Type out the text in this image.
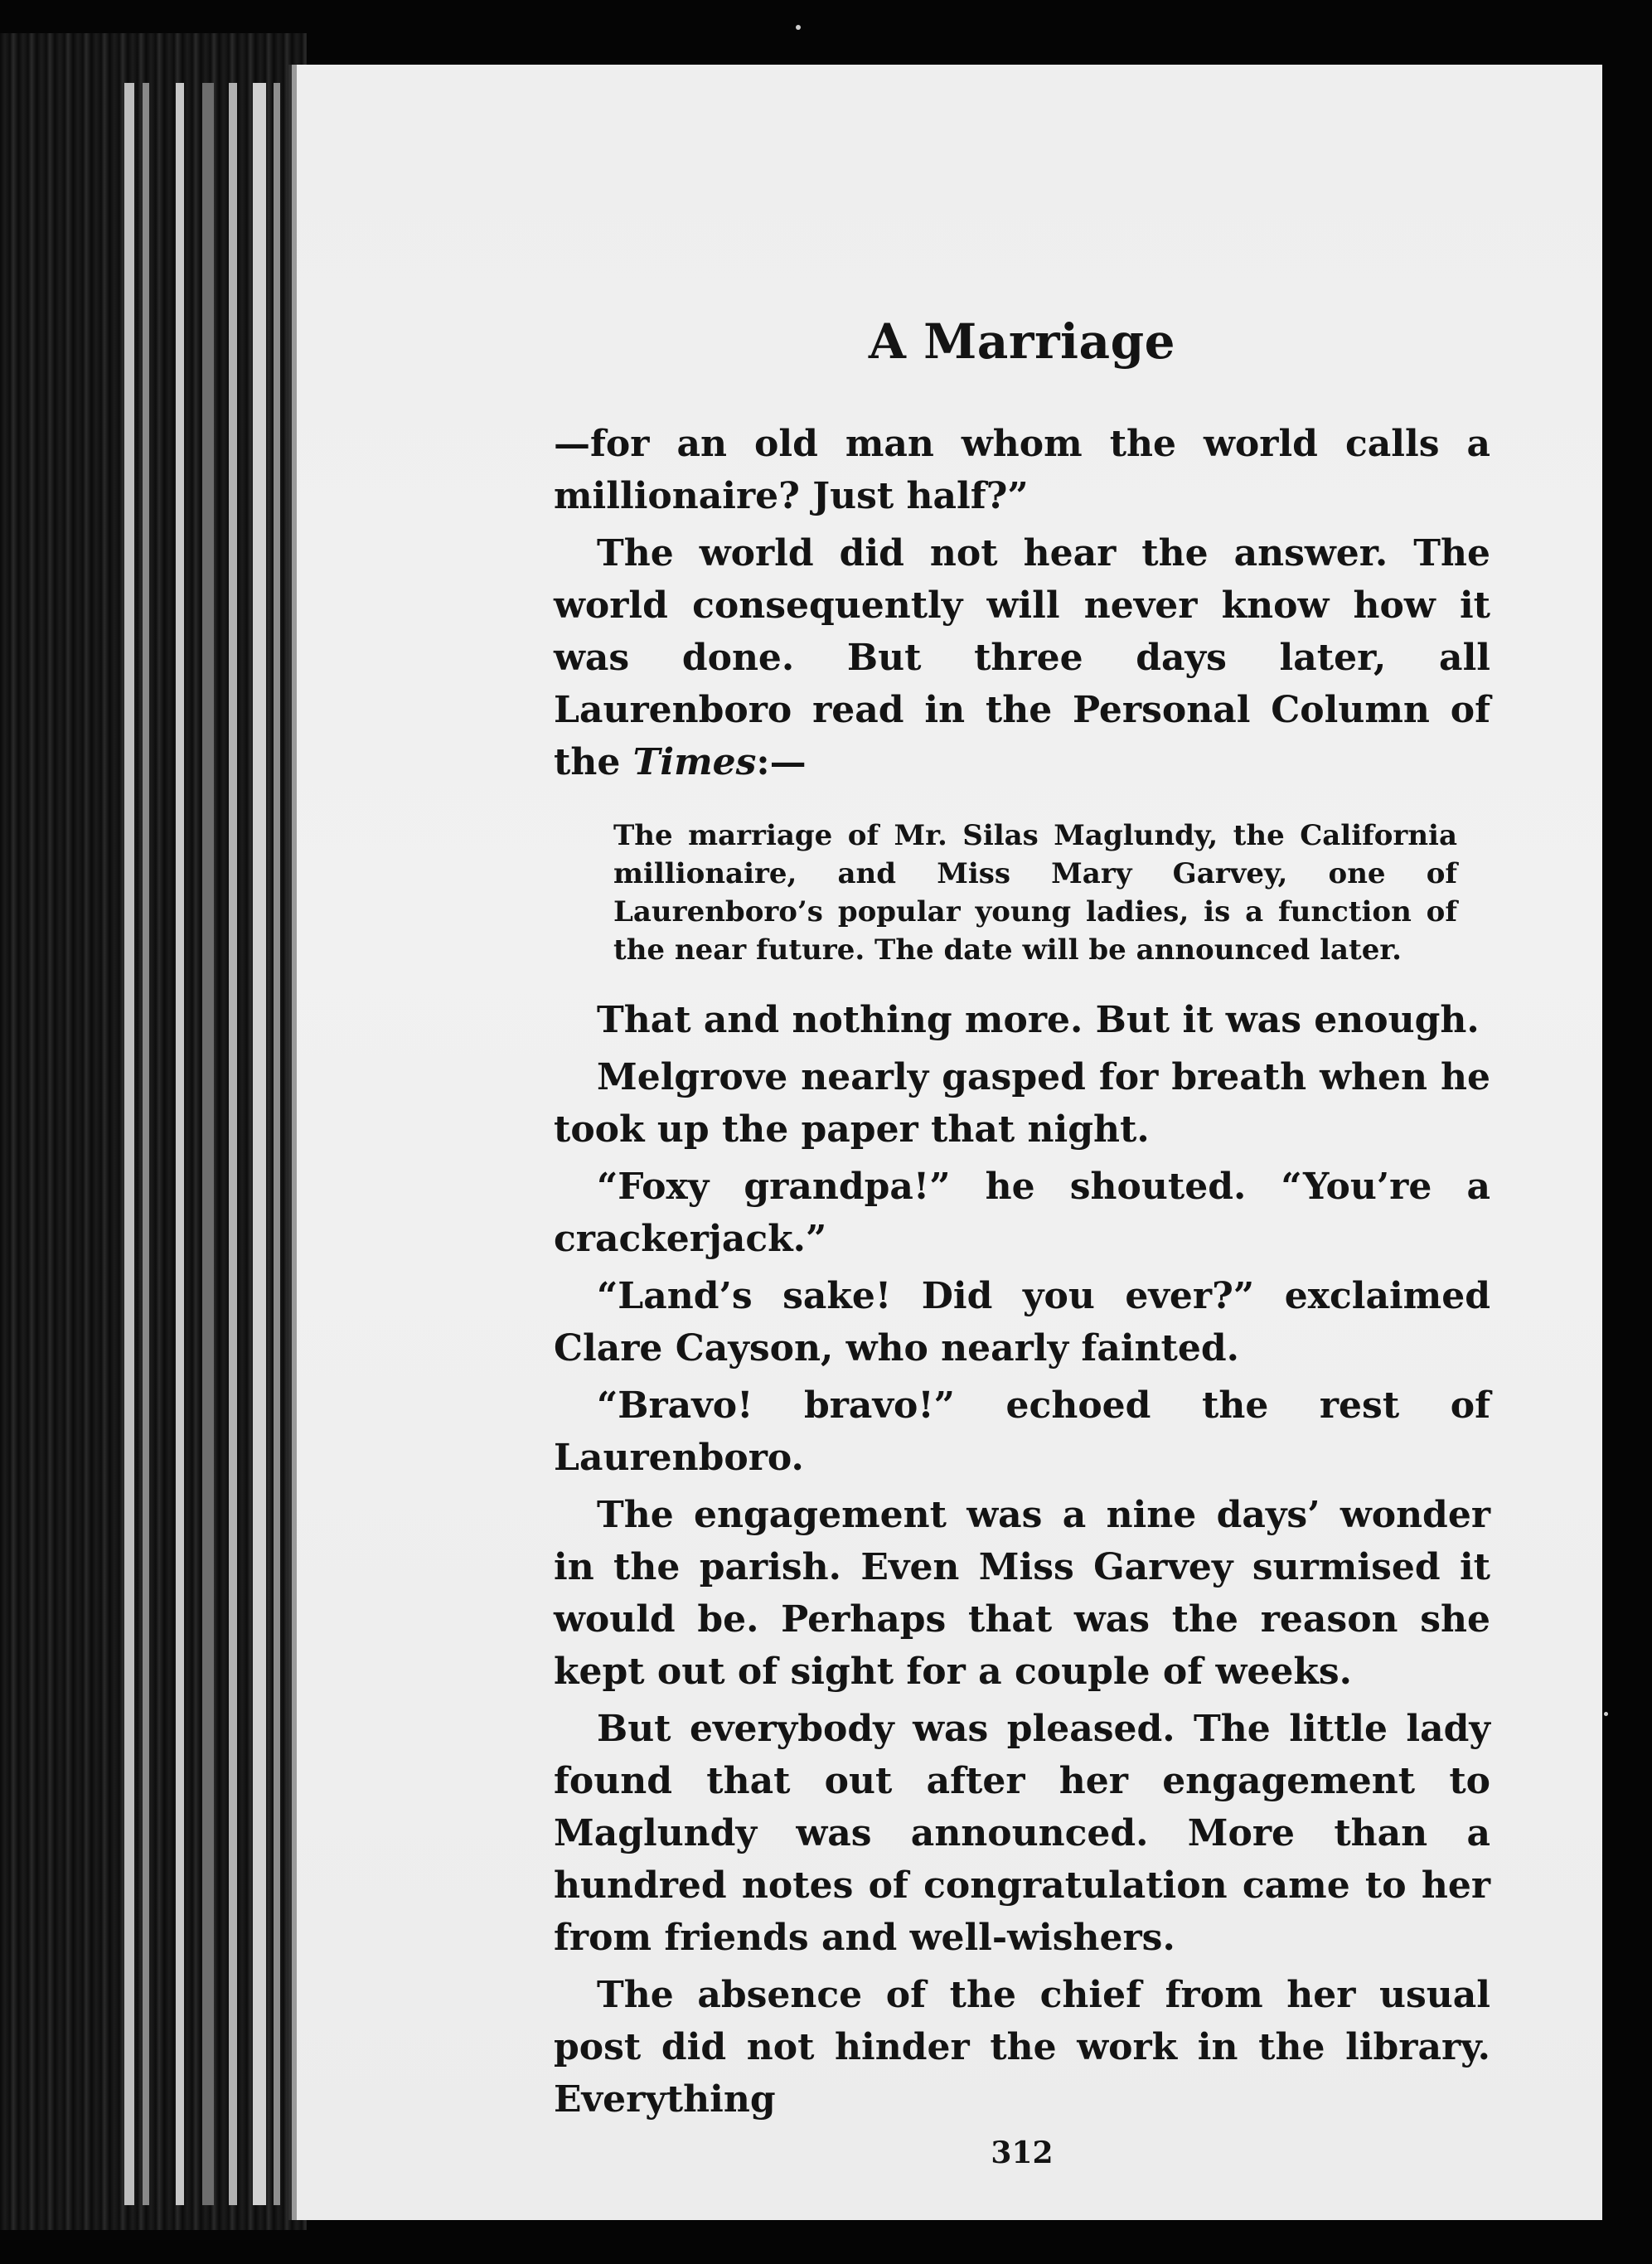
A Marriage

—for an old man whom the world calls a millionaire? Just half?”

The world did not hear the answer. The world consequently will never know how it was done. But three days later, all Laurenboro read in the Personal Column of the Times:—

The marriage of Mr. Silas Maglundy, the California millionaire, and Miss Mary Garvey, one of Laurenboro’s popular young ladies, is a function of the near future. The date will be announced later.

That and nothing more. But it was enough.

Melgrove nearly gasped for breath when he took up the paper that night.

“Foxy grandpa!” he shouted. “You’re a crackerjack.”

“Land’s sake! Did you ever?” exclaimed Clare Cayson, who nearly fainted.

“Bravo! bravo!” echoed the rest of Laurenboro.

The engagement was a nine days’ wonder in the parish. Even Miss Garvey surmised it would be. Perhaps that was the reason she kept out of sight for a couple of weeks.

But everybody was pleased. The little lady found that out after her engagement to Maglundy was announced. More than a hundred notes of congratulation came to her from friends and well-wishers.

The absence of the chief from her usual post did not hinder the work in the library. Everything

312
